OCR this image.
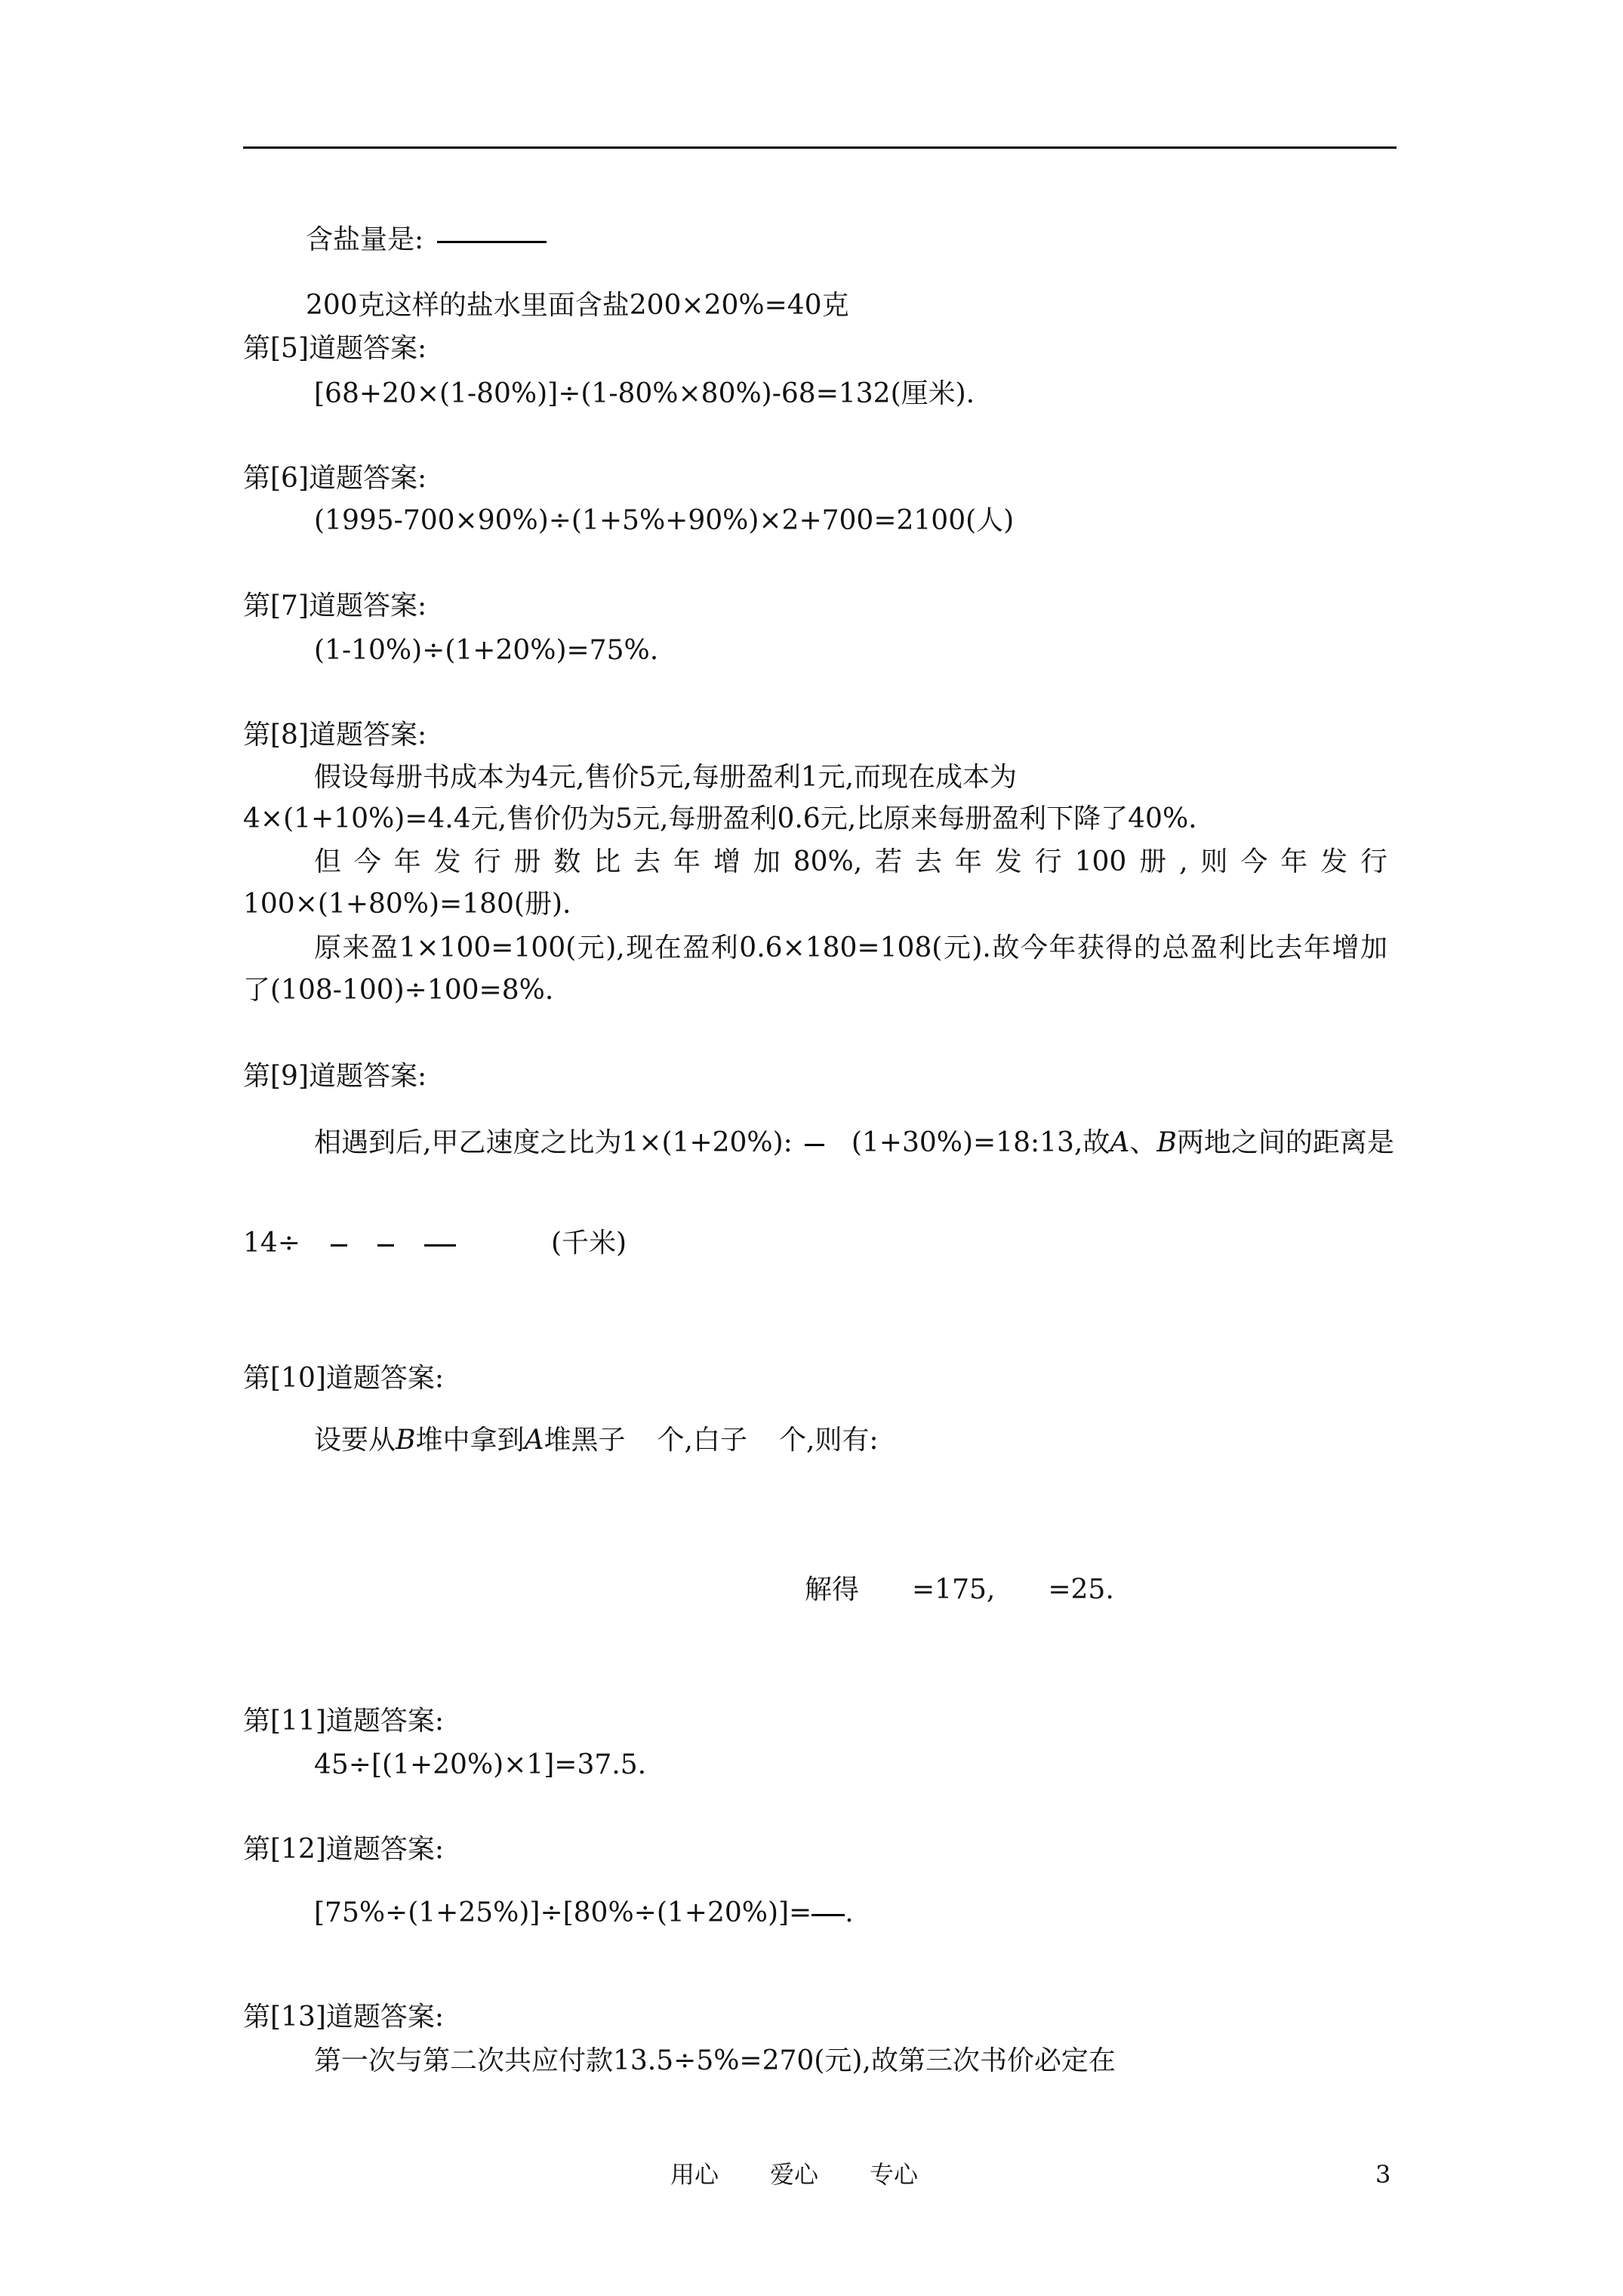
含盐量是:
200克这样的盐水里面含盐200×20%=40克
第[5]道题答案:
[68+20×(1-80%)]÷(1-80%×80%)-68=132(厘米).
第[6]道题答案:
(1995-700×90%)÷(1+5%+90%)×2+700=2100(人)
第[7]道题答案:
(1-10%)÷(1+20%)=75%.
第[8]道题答案:
假设每册书成本为4元,售价5元,每册盈利1元,而现在成本为
4×(1+10%)=4.4元,售价仍为5元,每册盈利0.6元,比原来每册盈利下降了40%.
但今年发行册数比去年增加80%,若去年发行100册,则今年发行
100×(1+80%)=180(册).
原来盈1×100=100(元),现在盈利0.6×180=108(元).故今年获得的总盈利比去年增加
了(108-100)÷100=8%.
第[9]道题答案:
相遇到后,甲乙速度之比为1×(1+20%): (1+30%)=18:13,故A、B两地之间的距离是
14÷	(千米)
第[10]道题答案:
设要从B堆中拿到A堆黑子 个,白子 个,则有:
解得 =175, =25.
第[11]道题答案:
45÷[(1+20%)×1]=37.5.
第[12]道题答案:
[75%÷(1+25%)]÷[80%÷(1+20%)]= .
第[13]道题答案:
第一次与第二次共应付款13.5÷5%=270(元),故第三次书价必定在
用心 爱心 专心	3
